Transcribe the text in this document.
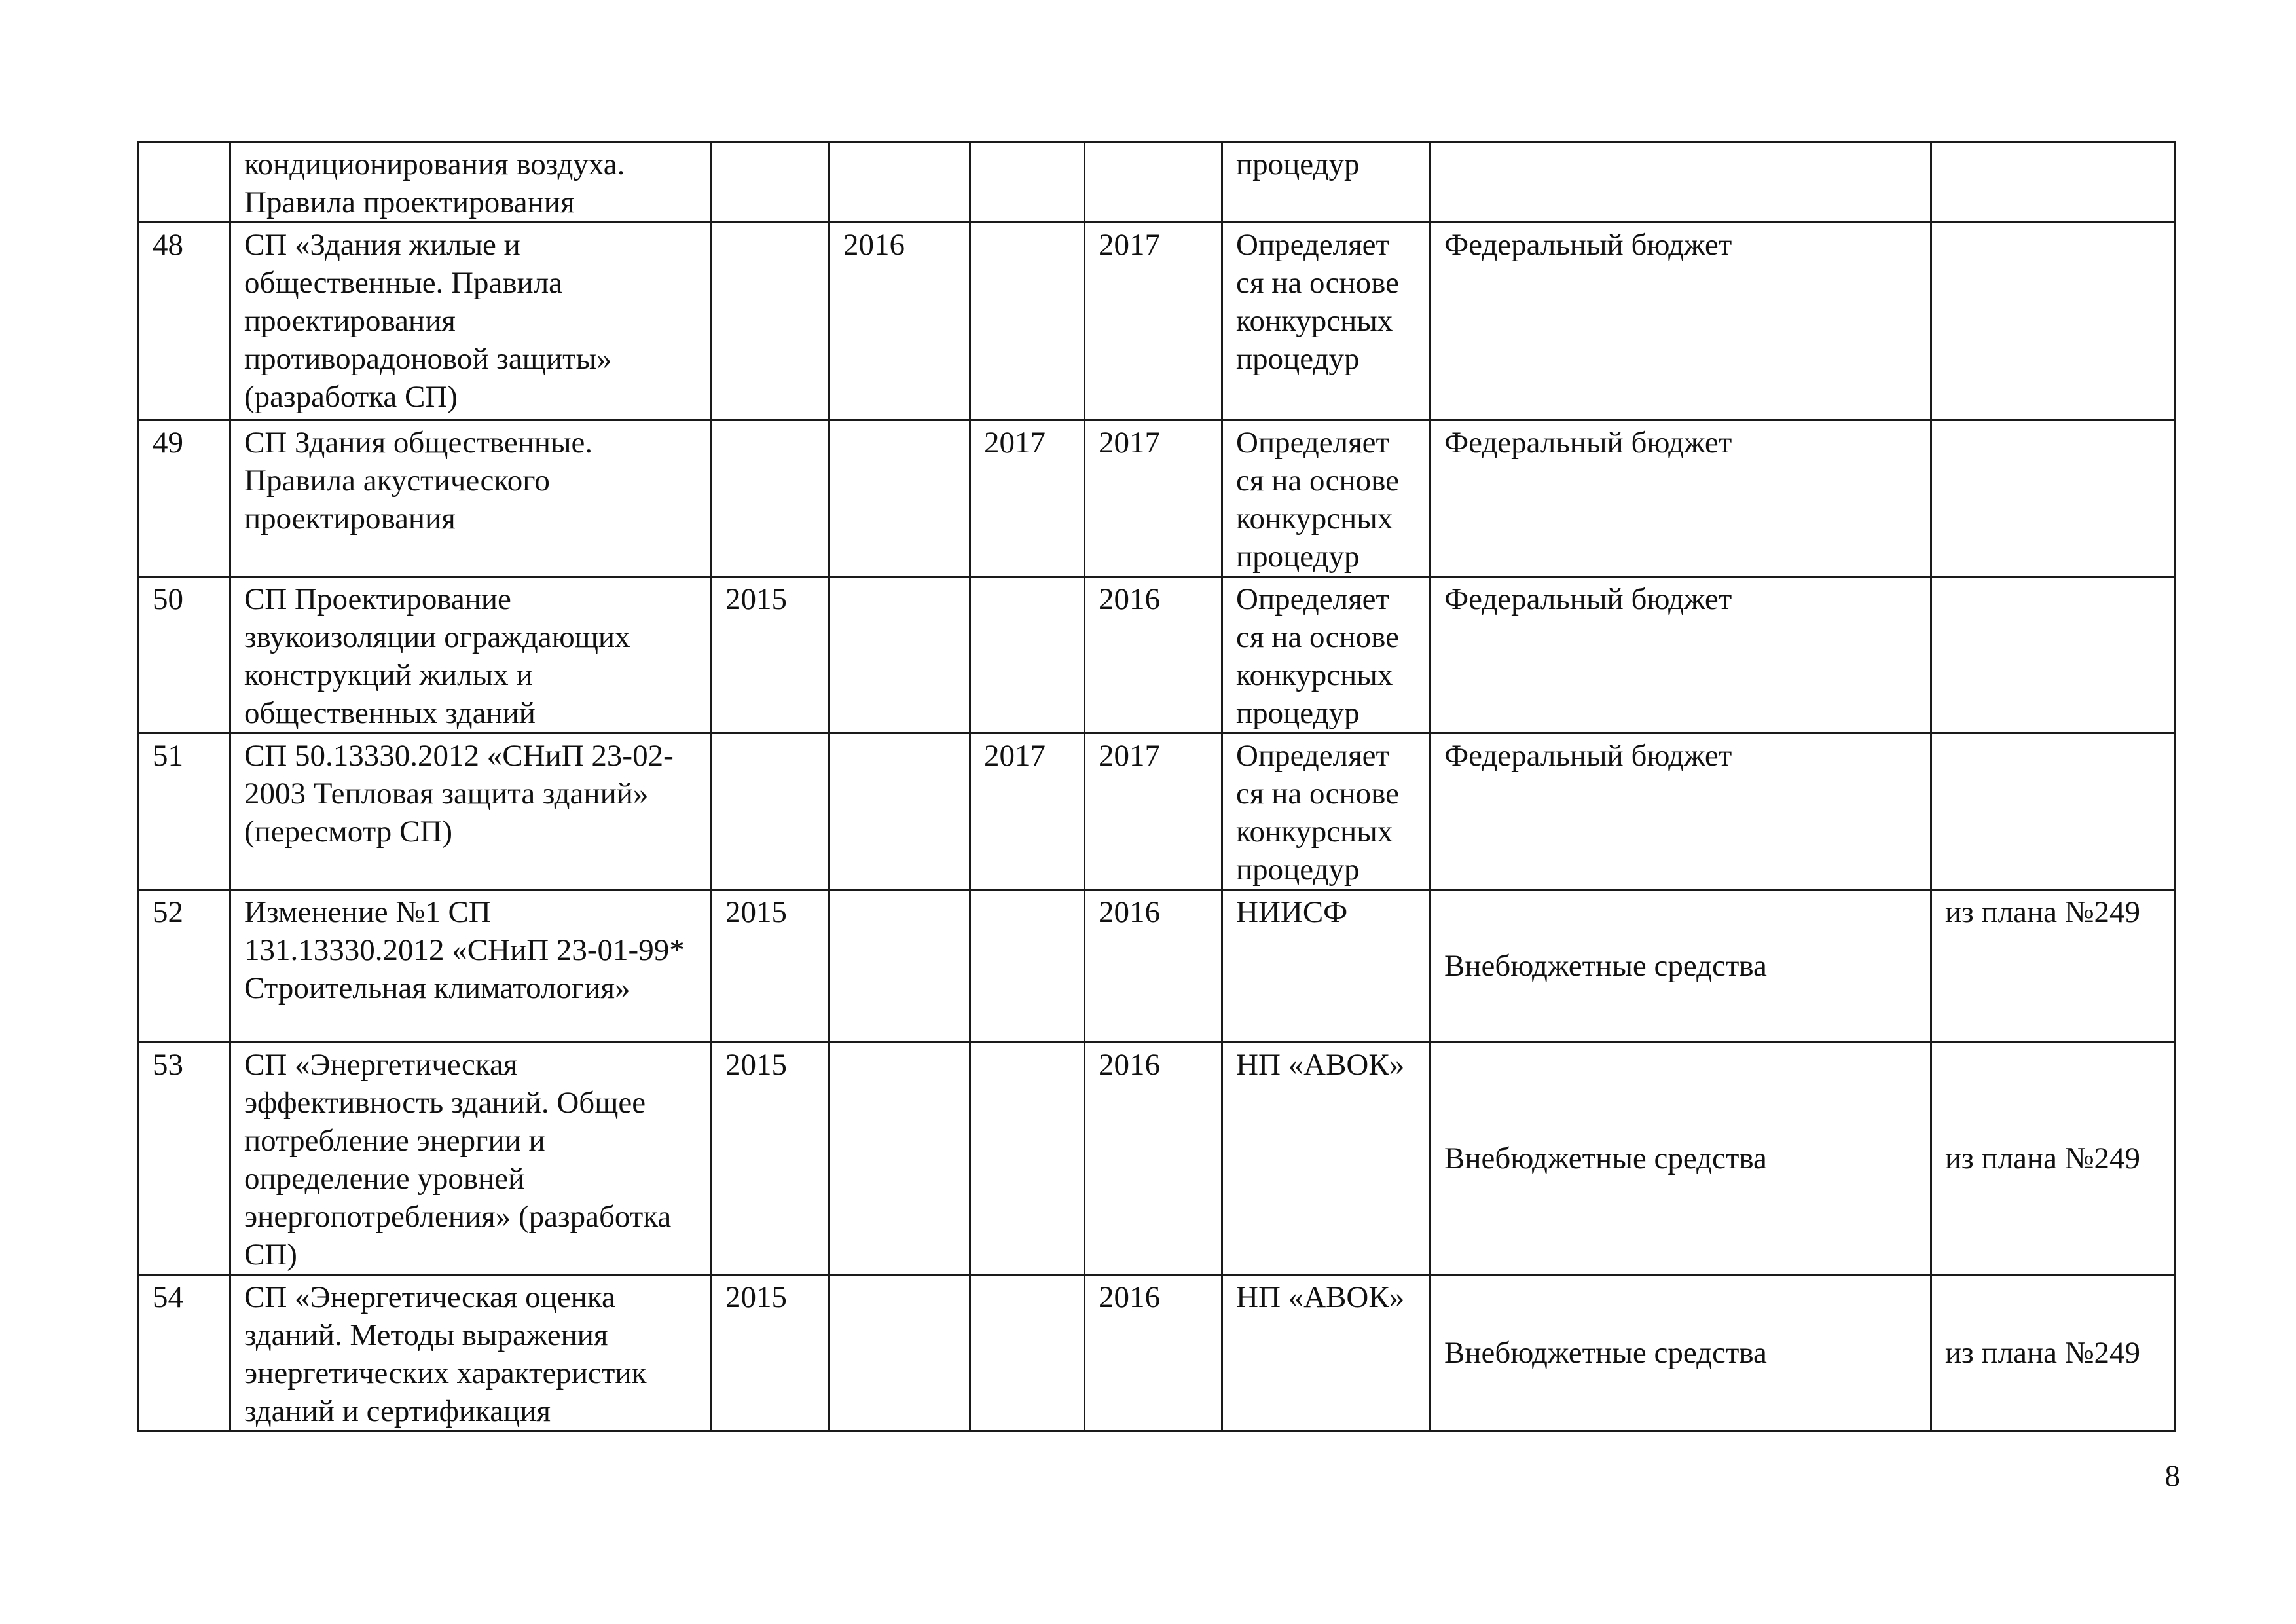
	кондиционирования воздуха. Правила проектирования					процедур		
48	СП «Здания жилые и общественные. Правила проектирования противорадоновой защиты» (разработка СП)		2016		2017	Определяет ся на основе конкурсных процедур	Федеральный бюджет	
49	СП Здания общественные. Правила акустического проектирования			2017	2017	Определяет ся на основе конкурсных процедур	Федеральный бюджет	
50	СП Проектирование звукоизоляции ограждающих конструкций жилых и общественных зданий	2015			2016	Определяет ся на основе конкурсных процедур	Федеральный бюджет	
51	СП 50.13330.2012 «СНиП 23-02-2003 Тепловая защита зданий» (пересмотр СП)			2017	2017	Определяет ся на основе конкурсных процедур	Федеральный бюджет	
52	Изменение №1 СП 131.13330.2012 «СНиП 23-01-99* Строительная климатология»	2015			2016	НИИСФ	Внебюджетные средства	из плана №249
53	СП «Энергетическая эффективность зданий. Общее потребление энергии и определение уровней энергопотребления» (разработка СП)	2015			2016	НП «АВОК»	Внебюджетные средства	из плана №249
54	СП «Энергетическая оценка зданий. Методы выражения энергетических характеристик зданий и сертификация	2015			2016	НП «АВОК»	Внебюджетные средства	из плана №249
8
